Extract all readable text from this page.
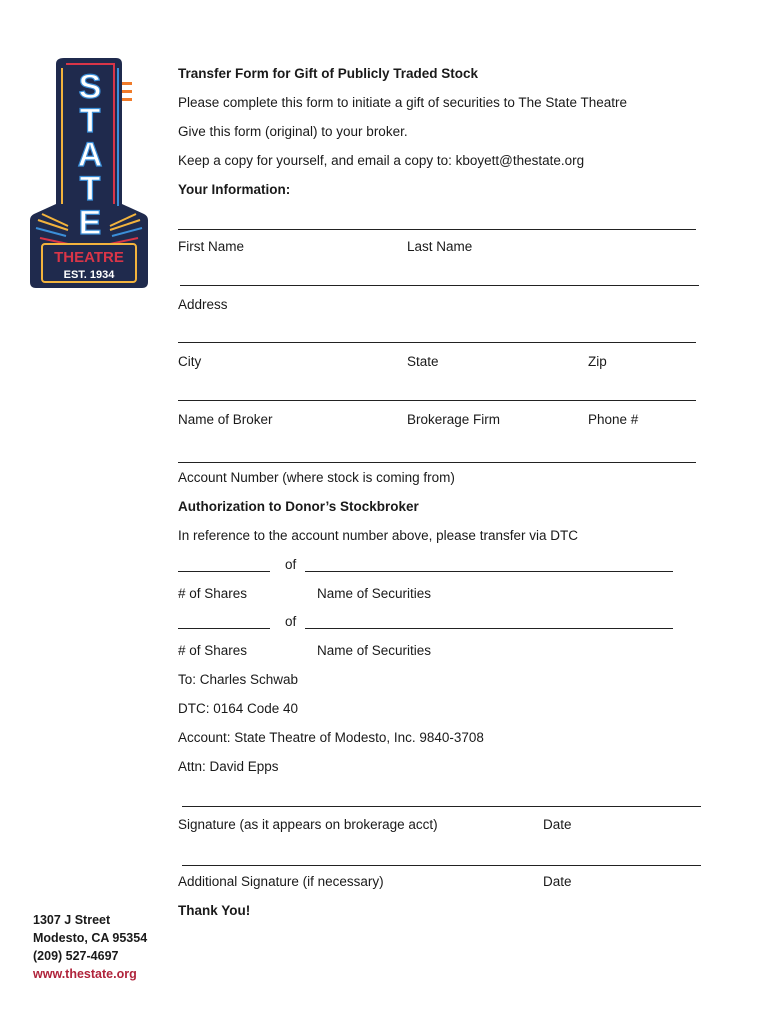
S
T
A
T
E
THEATRE
EST. 1934
Transfer Form for Gift of Publicly Traded Stock
Please complete this form to initiate a gift of securities to The State Theatre
Give this form (original) to your broker.
Keep a copy for yourself, and email a copy to: kboyett@thestate.org
Your Information:
First Name	Last Name
Address
City	State	Zip
Name of Broker	Brokerage Firm	Phone #
Account Number (where stock is coming from)
Authorization to Donor’s Stockbroker
In reference to the account number above, please transfer via DTC
of
# of Shares	Name of Securities
of
# of Shares	Name of Securities
To: Charles Schwab
DTC: 0164 Code 40
Account: State Theatre of Modesto, Inc. 9840-3708
Attn: David Epps
Signature (as it appears on brokerage acct)	Date
Additional Signature (if necessary)	Date
Thank You!
1307 J Street
Modesto, CA 95354
(209) 527-4697
www.thestate.org
